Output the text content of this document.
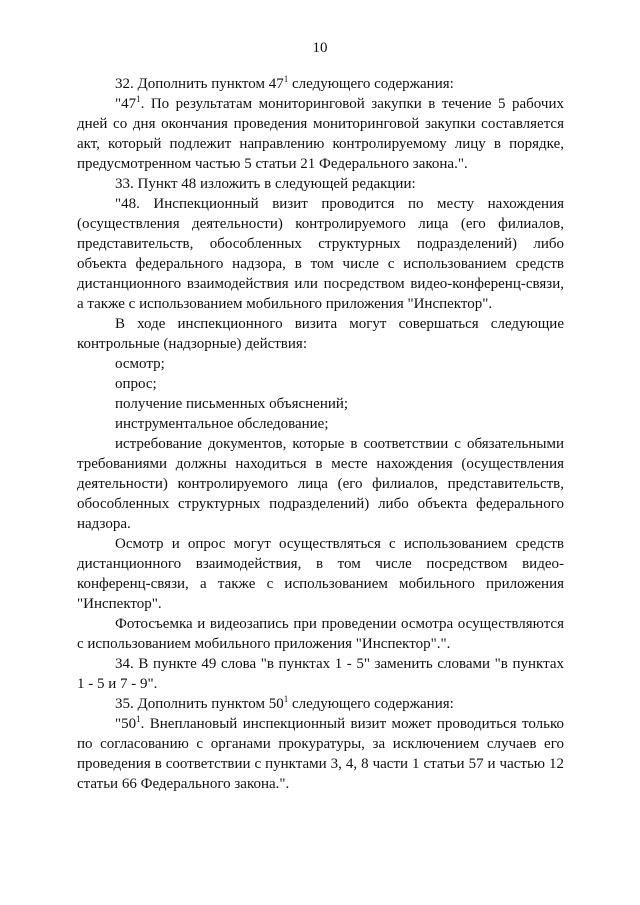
10

32. Дополнить пунктом $47^1$ следующего содержания:

"$47^1$. По результатам мониторинговой закупки в течение 5 рабочих дней со дня окончания проведения мониторинговой закупки составляется акт, который подлежит направлению контролируемому лицу в порядке, предусмотренном частью 5 статьи 21 Федерального закона.".

33. Пункт 48 изложить в следующей редакции:

"48. Инспекционный визит проводится по месту нахождения (осуществления деятельности) контролируемого лица (его филиалов, представительств, обособленных структурных подразделений) либо объекта федерального надзора, в том числе с использованием средств дистанционного взаимодействия или посредством видео-конференц-связи, а также с использованием мобильного приложения "Инспектор".

В ходе инспекционного визита могут совершаться следующие контрольные (надзорные) действия:

осмотр;

опрос;

получение письменных объяснений;

инструментальное обследование;

истребование документов, которые в соответствии с обязательными требованиями должны находиться в месте нахождения (осуществления деятельности) контролируемого лица (его филиалов, представительств, обособленных структурных подразделений) либо объекта федерального надзора.

Осмотр и опрос могут осуществляться с использованием средств дистанционного взаимодействия, в том числе посредством видео-конференц-связи, а также с использованием мобильного приложения "Инспектор".

Фотосъемка и видеозапись при проведении осмотра осуществляются с использованием мобильного приложения "Инспектор".".

34. В пункте 49 слова "в пунктах 1 - 5" заменить словами "в пунктах 1 - 5 и 7 - 9".

35. Дополнить пунктом $50^1$ следующего содержания:

"$50^1$. Внеплановый инспекционный визит может проводиться только по согласованию с органами прокуратуры, за исключением случаев его проведения в соответствии с пунктами 3, 4, 8 части 1 статьи 57 и частью 12 статьи 66 Федерального закона.".
